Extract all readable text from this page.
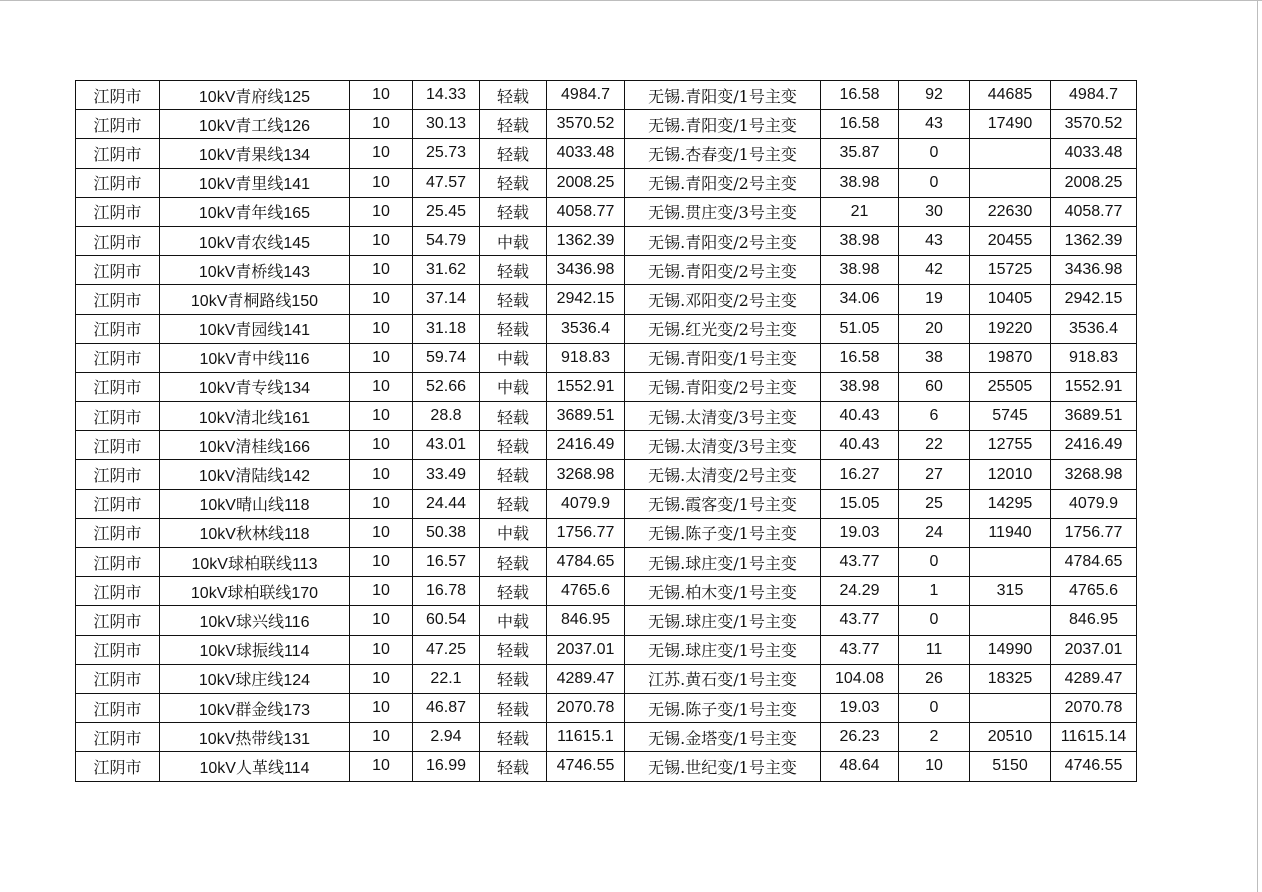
江阴市	10kV青府线125	10	14.33	轻载	4984.7	无锡.青阳变/1号主变	16.58	92	44685	4984.7
江阴市	10kV青工线126	10	30.13	轻载	3570.52	无锡.青阳变/1号主变	16.58	43	17490	3570.52
江阴市	10kV青果线134	10	25.73	轻载	4033.48	无锡.杏春变/1号主变	35.87	0		4033.48
江阴市	10kV青里线141	10	47.57	轻载	2008.25	无锡.青阳变/2号主变	38.98	0		2008.25
江阴市	10kV青年线165	10	25.45	轻载	4058.77	无锡.贯庄变/3号主变	21	30	22630	4058.77
江阴市	10kV青农线145	10	54.79	中载	1362.39	无锡.青阳变/2号主变	38.98	43	20455	1362.39
江阴市	10kV青桥线143	10	31.62	轻载	3436.98	无锡.青阳变/2号主变	38.98	42	15725	3436.98
江阴市	10kV青桐路线150	10	37.14	轻载	2942.15	无锡.邓阳变/2号主变	34.06	19	10405	2942.15
江阴市	10kV青园线141	10	31.18	轻载	3536.4	无锡.红光变/2号主变	51.05	20	19220	3536.4
江阴市	10kV青中线116	10	59.74	中载	918.83	无锡.青阳变/1号主变	16.58	38	19870	918.83
江阴市	10kV青专线134	10	52.66	中载	1552.91	无锡.青阳变/2号主变	38.98	60	25505	1552.91
江阴市	10kV清北线161	10	28.8	轻载	3689.51	无锡.太清变/3号主变	40.43	6	5745	3689.51
江阴市	10kV清桂线166	10	43.01	轻载	2416.49	无锡.太清变/3号主变	40.43	22	12755	2416.49
江阴市	10kV清陆线142	10	33.49	轻载	3268.98	无锡.太清变/2号主变	16.27	27	12010	3268.98
江阴市	10kV晴山线118	10	24.44	轻载	4079.9	无锡.霞客变/1号主变	15.05	25	14295	4079.9
江阴市	10kV秋林线118	10	50.38	中载	1756.77	无锡.陈子变/1号主变	19.03	24	11940	1756.77
江阴市	10kV球柏联线113	10	16.57	轻载	4784.65	无锡.球庄变/1号主变	43.77	0		4784.65
江阴市	10kV球柏联线170	10	16.78	轻载	4765.6	无锡.柏木变/1号主变	24.29	1	315	4765.6
江阴市	10kV球兴线116	10	60.54	中载	846.95	无锡.球庄变/1号主变	43.77	0		846.95
江阴市	10kV球振线114	10	47.25	轻载	2037.01	无锡.球庄变/1号主变	43.77	11	14990	2037.01
江阴市	10kV球庄线124	10	22.1	轻载	4289.47	江苏.黄石变/1号主变	104.08	26	18325	4289.47
江阴市	10kV群金线173	10	46.87	轻载	2070.78	无锡.陈子变/1号主变	19.03	0		2070.78
江阴市	10kV热带线131	10	2.94	轻载	11615.1	无锡.金塔变/1号主变	26.23	2	20510	11615.14
江阴市	10kV人革线114	10	16.99	轻载	4746.55	无锡.世纪变/1号主变	48.64	10	5150	4746.55
